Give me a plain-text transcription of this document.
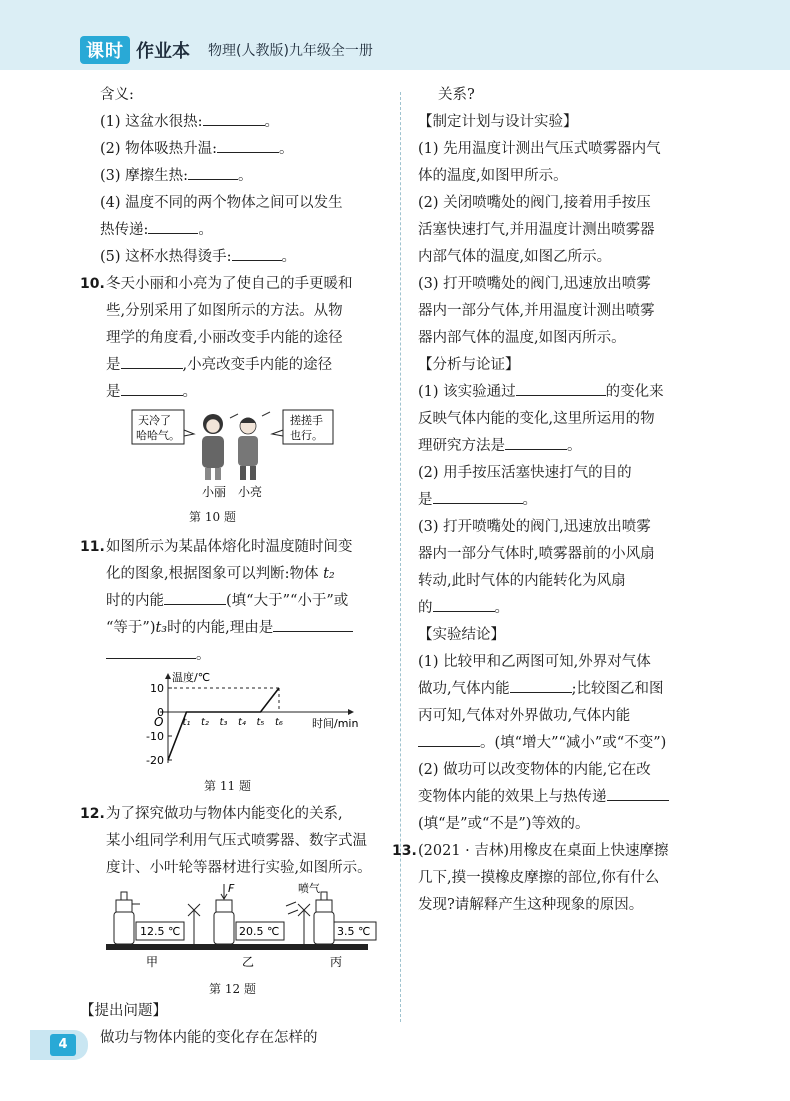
课时 作业本 物理(人教版)九年级全一册

含义:

(1) 这盆水很热:	。

(2) 物体吸热升温:	。

(3) 摩擦生热:	。

(4) 温度不同的两个物体之间可以发生

热传递:	。

(5) 这杯水热得烫手:	。

10. 冬天小丽和小亮为了使自己的手更暖和

些,分别采用了如图所示的方法。从物

理学的角度看,小丽改变手内能的途径

是	,小亮改变手内能的途径

是	。

天冷了
哈哈气。
搓搓手
也行。
小丽 小亮
第 10 题
11. 如图所示为某晶体熔化时温度随时间变

化的图象,根据图象可以判断:物体 t₂

时的内能	(填“大于”“小于”或

“等于”)t₃时的内能,理由是

。

温度/℃
时间/min
10
0
-10
-20
O t₁ t₂ t₃ t₄ t₅ t₆
第 11 题
12. 为了探究做功与物体内能变化的关系,

某小组同学利用气压式喷雾器、数字式温

度计、小叶轮等器材进行实验,如图所示。

12.5 ℃
F
20.5 ℃
喷气
3.5 ℃
甲	乙	丙
第 12 题

【提出问题】

做功与物体内能的变化存在怎样的

关系?

【制定计划与设计实验】

(1) 先用温度计测出气压式喷雾器内气

体的温度,如图甲所示。

(2) 关闭喷嘴处的阀门,接着用手按压

活塞快速打气,并用温度计测出喷雾器

内部气体的温度,如图乙所示。

(3) 打开喷嘴处的阀门,迅速放出喷雾

器内一部分气体,并用温度计测出喷雾

器内部气体的温度,如图丙所示。

【分析与论证】

(1) 该实验通过	的变化来

反映气体内能的变化,这里所运用的物

理研究方法是	。

(2) 用手按压活塞快速打气的目的

是	。

(3) 打开喷嘴处的阀门,迅速放出喷雾

器内一部分气体时,喷雾器前的小风扇

转动,此时气体的内能转化为风扇

的	。

【实验结论】

(1) 比较甲和乙两图可知,外界对气体

做功,气体内能	;比较图乙和图

丙可知,气体对外界做功,气体内能

。(填“增大”“减小”或“不变”)

(2) 做功可以改变物体的内能,它在改

变物体内能的效果上与热传递

(填“是”或“不是”)等效的。

13. (2021 · 吉林)用橡皮在桌面上快速摩擦

几下,摸一摸橡皮摩擦的部位,你有什么

发现?请解释产生这种现象的原因。

4
